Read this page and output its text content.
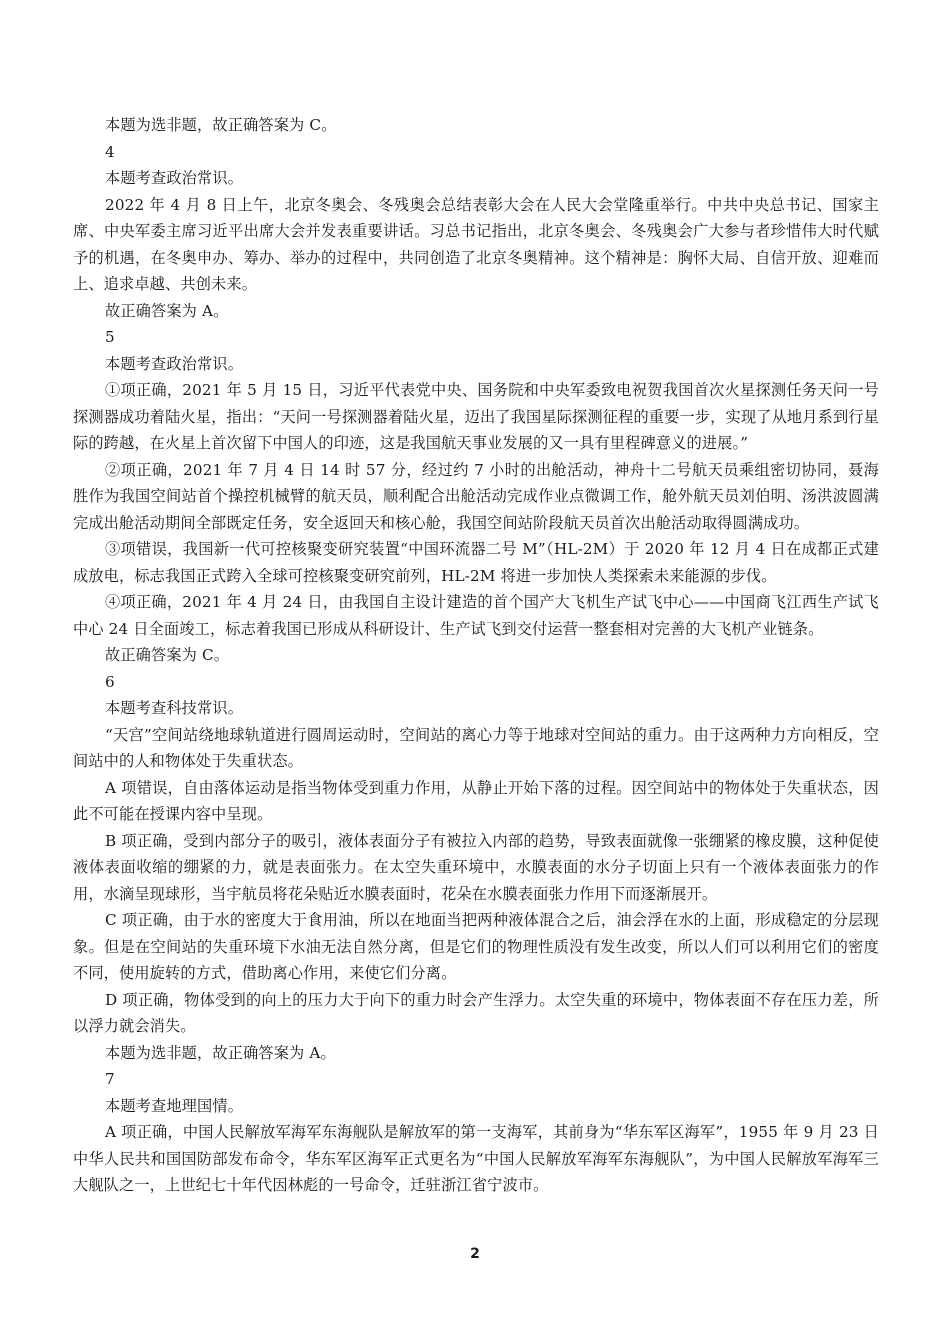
本题为选非题，故正确答案为 C。

4

本题考查政治常识。

2022 年 4 月 8 日上午，北京冬奥会、冬残奥会总结表彰大会在人民大会堂隆重举行。中共中央总书记、国家主席、中央军委主席习近平出席大会并发表重要讲话。习总书记指出，北京冬奥会、冬残奥会广大参与者珍惜伟大时代赋予的机遇，在冬奥申办、筹办、举办的过程中，共同创造了北京冬奥精神。这个精神是：胸怀大局、自信开放、迎难而上、追求卓越、共创未来。

故正确答案为 A。

5

本题考查政治常识。

①项正确，2021 年 5 月 15 日，习近平代表党中央、国务院和中央军委致电祝贺我国首次火星探测任务天问一号探测器成功着陆火星，指出：“天问一号探测器着陆火星，迈出了我国星际探测征程的重要一步，实现了从地月系到行星际的跨越，在火星上首次留下中国人的印迹，这是我国航天事业发展的又一具有里程碑意义的进展。”

②项正确，2021 年 7 月 4 日 14 时 57 分，经过约 7 小时的出舱活动，神舟十二号航天员乘组密切协同，聂海胜作为我国空间站首个操控机械臂的航天员，顺利配合出舱活动完成作业点微调工作，舱外航天员刘伯明、汤洪波圆满完成出舱活动期间全部既定任务，安全返回天和核心舱，我国空间站阶段航天员首次出舱活动取得圆满成功。

③项错误，我国新一代可控核聚变研究装置“中国环流器二号 M”（HL-2M）于 2020 年 12 月 4 日在成都正式建成放电，标志我国正式跨入全球可控核聚变研究前列，HL-2M 将进一步加快人类探索未来能源的步伐。

④项正确，2021 年 4 月 24 日，由我国自主设计建造的首个国产大飞机生产试飞中心——中国商飞江西生产试飞中心 24 日全面竣工，标志着我国已形成从科研设计、生产试飞到交付运营一整套相对完善的大飞机产业链条。

故正确答案为 C。

6

本题考查科技常识。

“天宫”空间站绕地球轨道进行圆周运动时，空间站的离心力等于地球对空间站的重力。由于这两种力方向相反，空间站中的人和物体处于失重状态。

A 项错误，自由落体运动是指当物体受到重力作用，从静止开始下落的过程。因空间站中的物体处于失重状态，因此不可能在授课内容中呈现。

B 项正确，受到内部分子的吸引，液体表面分子有被拉入内部的趋势，导致表面就像一张绷紧的橡皮膜，这种促使液体表面收缩的绷紧的力，就是表面张力。在太空失重环境中，水膜表面的水分子切面上只有一个液体表面张力的作用，水滴呈现球形，当宇航员将花朵贴近水膜表面时，花朵在水膜表面张力作用下而逐渐展开。

C 项正确，由于水的密度大于食用油，所以在地面当把两种液体混合之后，油会浮在水的上面，形成稳定的分层现象。但是在空间站的失重环境下水油无法自然分离，但是它们的物理性质没有发生改变，所以人们可以利用它们的密度不同，使用旋转的方式，借助离心作用，来使它们分离。

D 项正确，物体受到的向上的压力大于向下的重力时会产生浮力。太空失重的环境中，物体表面不存在压力差，所以浮力就会消失。

本题为选非题，故正确答案为 A。

7

本题考查地理国情。

A 项正确，中国人民解放军海军东海舰队是解放军的第一支海军，其前身为“华东军区海军”，1955 年 9 月 23 日中华人民共和国国防部发布命令，华东军区海军正式更名为“中国人民解放军海军东海舰队”，为中国人民解放军海军三大舰队之一，上世纪七十年代因林彪的一号命令，迁驻浙江省宁波市。

2
